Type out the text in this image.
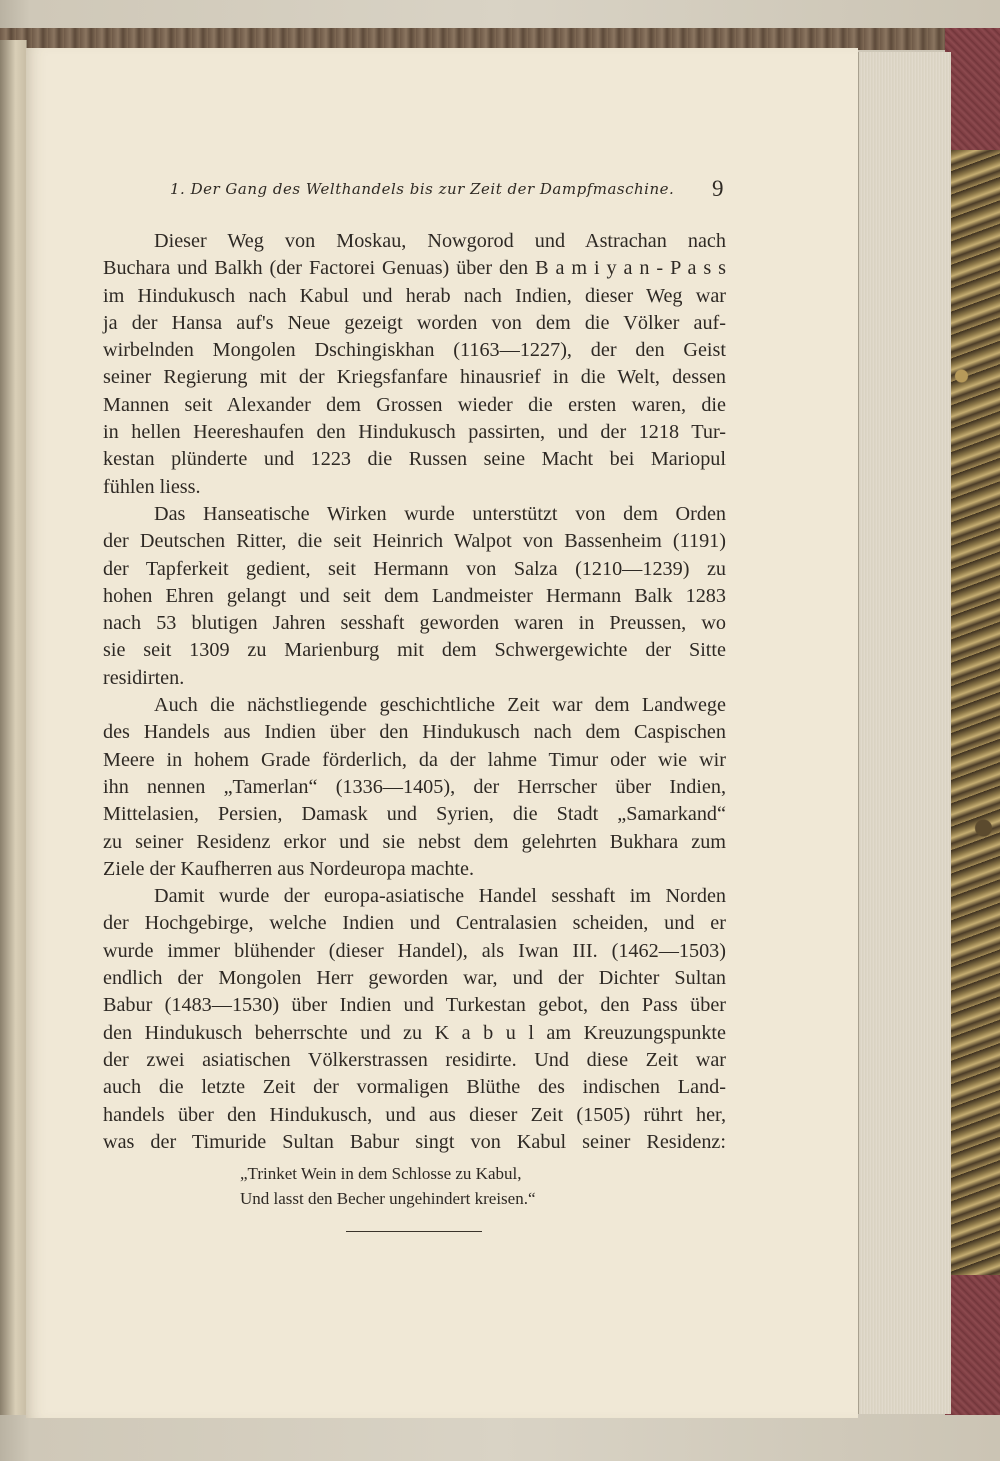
1. Der Gang des Welthandels bis zur Zeit der Dampfmaschine. 9
Dieser Weg von Moskau, Nowgorod und Astrachan nach
Buchara und Balkh (der Factorei Genuas) über den B a m i y a n - P a s s
im Hindukusch nach Kabul und herab nach Indien, dieser Weg war
ja der Hansa auf's Neue gezeigt worden von dem die Völker auf-
wirbelnden Mongolen Dschingiskhan (1163—1227), der den Geist
seiner Regierung mit der Kriegsfanfare hinausrief in die Welt, dessen
Mannen seit Alexander dem Grossen wieder die ersten waren, die
in hellen Heereshaufen den Hindukusch passirten, und der 1218 Tur-
kestan plünderte und 1223 die Russen seine Macht bei Mariopul
fühlen liess.
Das Hanseatische Wirken wurde unterstützt von dem Orden
der Deutschen Ritter, die seit Heinrich Walpot von Bassenheim (1191)
der Tapferkeit gedient, seit Hermann von Salza (1210—1239) zu
hohen Ehren gelangt und seit dem Landmeister Hermann Balk 1283
nach 53 blutigen Jahren sesshaft geworden waren in Preussen, wo
sie seit 1309 zu Marienburg mit dem Schwergewichte der Sitte
residirten.
Auch die nächstliegende geschichtliche Zeit war dem Landwege
des Handels aus Indien über den Hindukusch nach dem Caspischen
Meere in hohem Grade förderlich, da der lahme Timur oder wie wir
ihn nennen „Tamerlan“ (1336—1405), der Herrscher über Indien,
Mittelasien, Persien, Damask und Syrien, die Stadt „Samarkand“
zu seiner Residenz erkor und sie nebst dem gelehrten Bukhara zum
Ziele der Kaufherren aus Nordeuropa machte.
Damit wurde der europa-asiatische Handel sesshaft im Norden
der Hochgebirge, welche Indien und Centralasien scheiden, und er
wurde immer blühender (dieser Handel), als Iwan III. (1462—1503)
endlich der Mongolen Herr geworden war, und der Dichter Sultan
Babur (1483—1530) über Indien und Turkestan gebot, den Pass über
den Hindukusch beherrschte und zu K a b u l am Kreuzungspunkte
der zwei asiatischen Völkerstrassen residirte. Und diese Zeit war
auch die letzte Zeit der vormaligen Blüthe des indischen Land-
handels über den Hindukusch, und aus dieser Zeit (1505) rührt her,
was der Timuride Sultan Babur singt von Kabul seiner Residenz:
„Trinket Wein in dem Schlosse zu Kabul,
Und lasst den Becher ungehindert kreisen.“
